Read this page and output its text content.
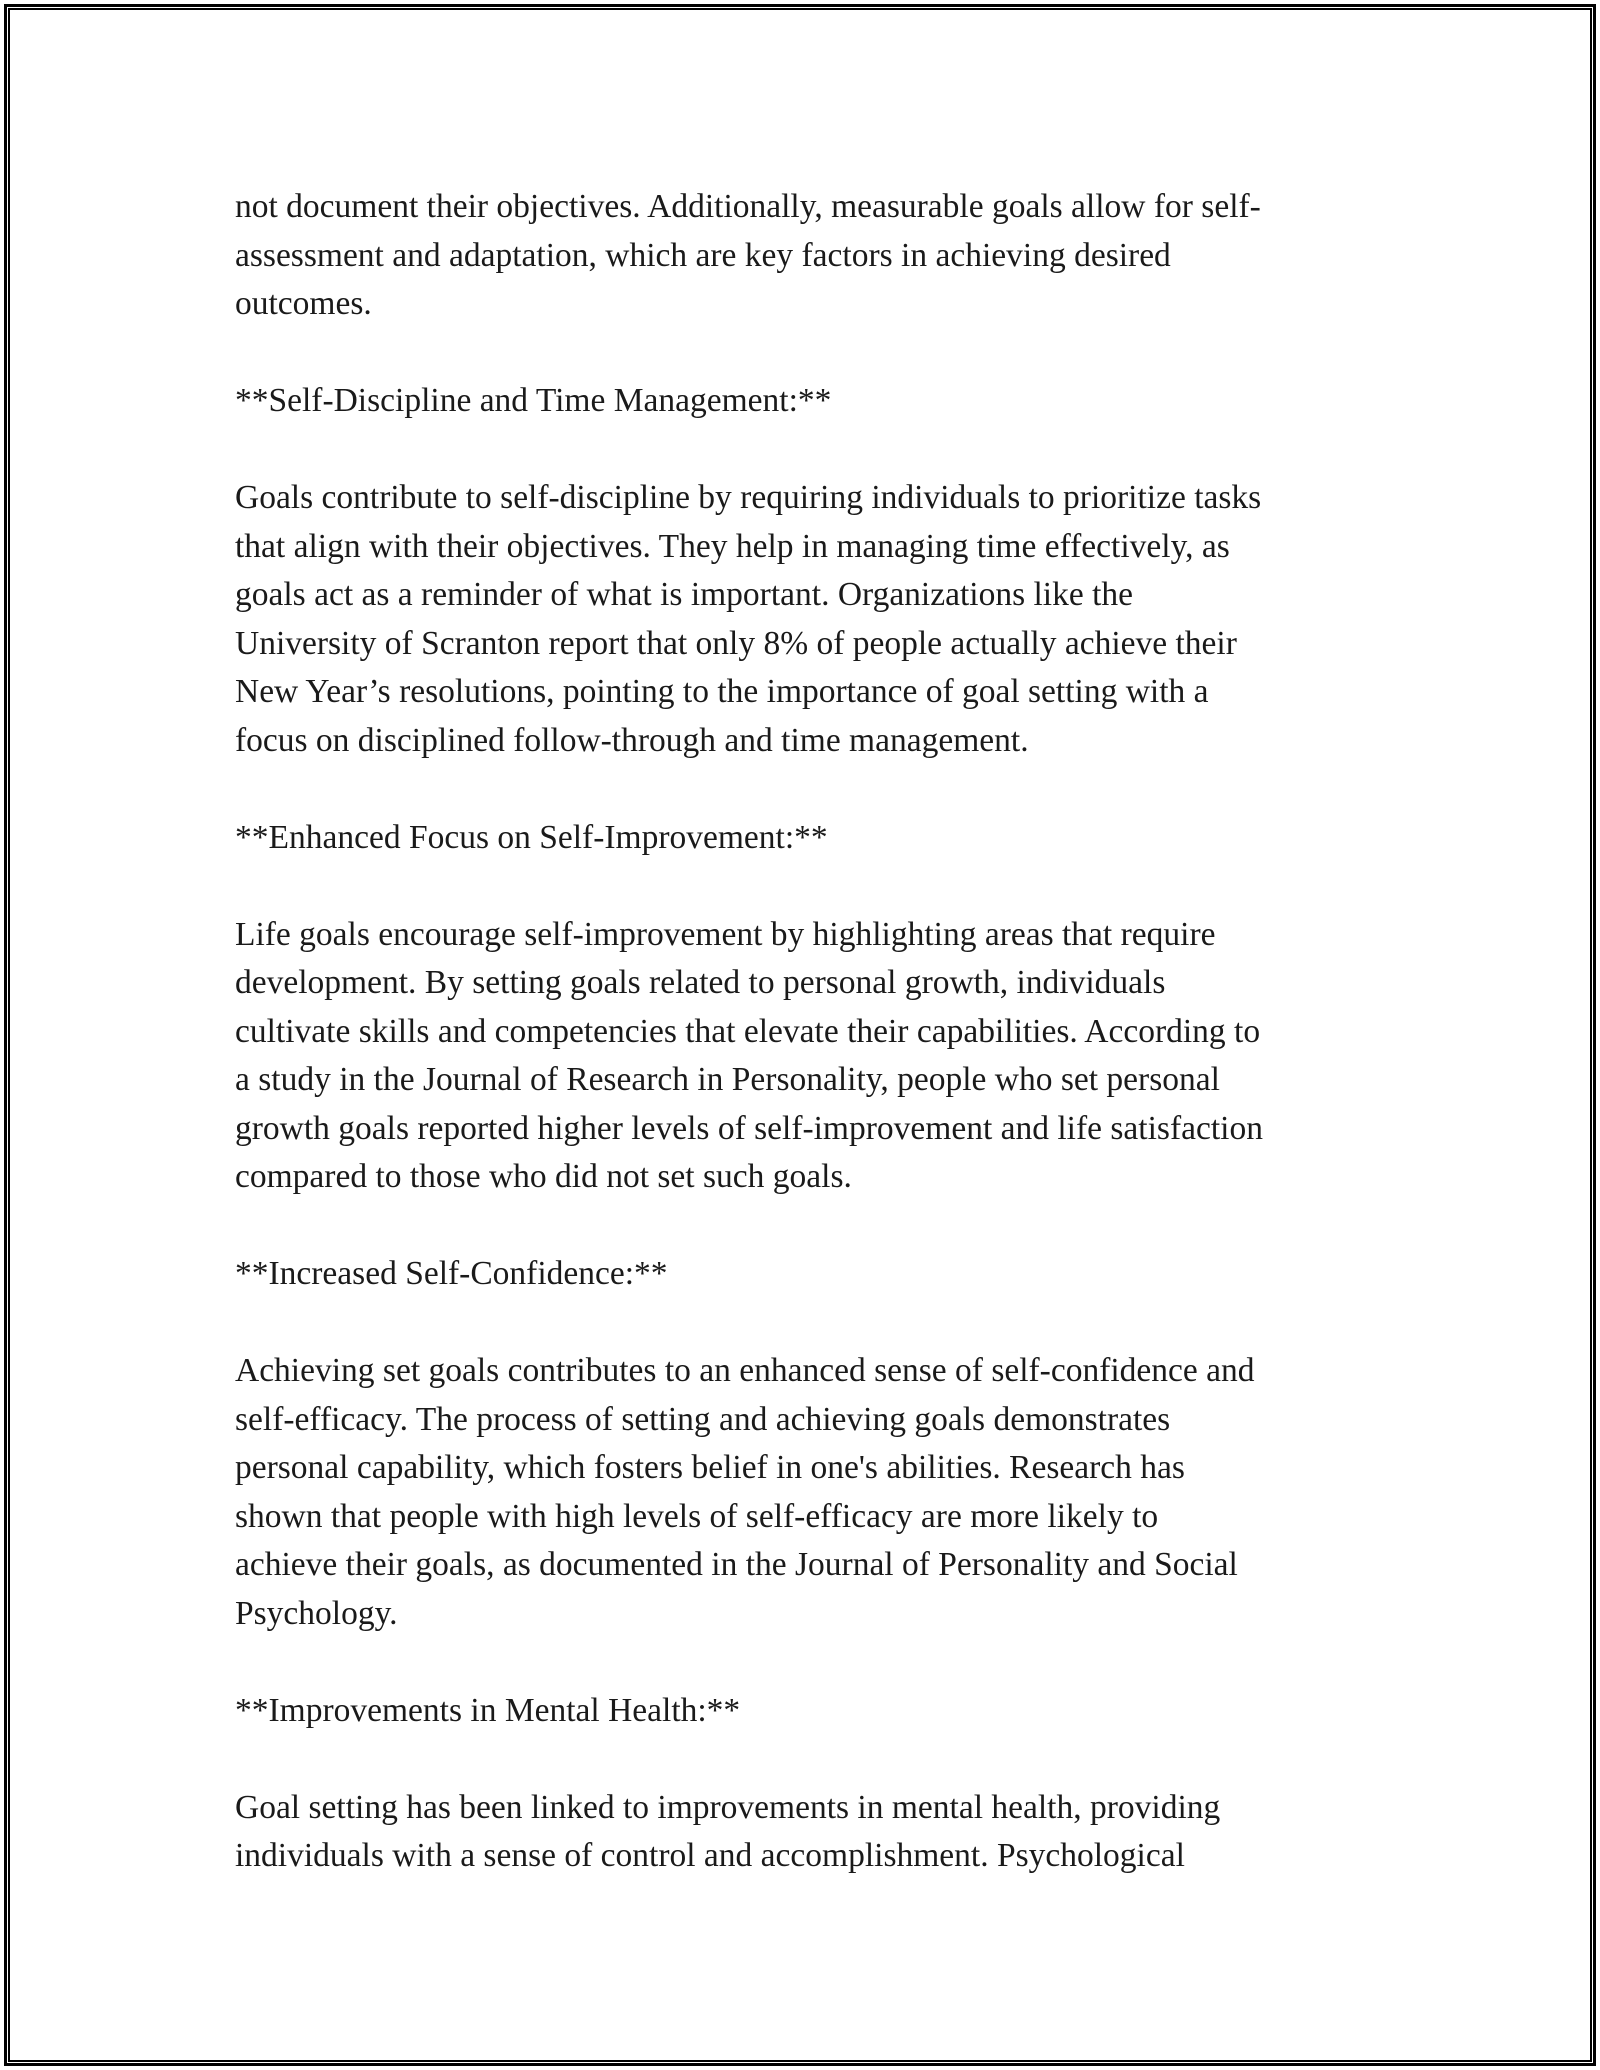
not document their objectives. Additionally, measurable goals allow for self-
assessment and adaptation, which are key factors in achieving desired
outcomes.

**Self-Discipline and Time Management:**

Goals contribute to self-discipline by requiring individuals to prioritize tasks
that align with their objectives. They help in managing time effectively, as
goals act as a reminder of what is important. Organizations like the
University of Scranton report that only 8% of people actually achieve their
New Year’s resolutions, pointing to the importance of goal setting with a
focus on disciplined follow-through and time management.

**Enhanced Focus on Self-Improvement:**

Life goals encourage self-improvement by highlighting areas that require
development. By setting goals related to personal growth, individuals
cultivate skills and competencies that elevate their capabilities. According to
a study in the Journal of Research in Personality, people who set personal
growth goals reported higher levels of self-improvement and life satisfaction
compared to those who did not set such goals.

**Increased Self-Confidence:**

Achieving set goals contributes to an enhanced sense of self-confidence and
self-efficacy. The process of setting and achieving goals demonstrates
personal capability, which fosters belief in one's abilities. Research has
shown that people with high levels of self-efficacy are more likely to
achieve their goals, as documented in the Journal of Personality and Social
Psychology.

**Improvements in Mental Health:**

Goal setting has been linked to improvements in mental health, providing
individuals with a sense of control and accomplishment. Psychological
